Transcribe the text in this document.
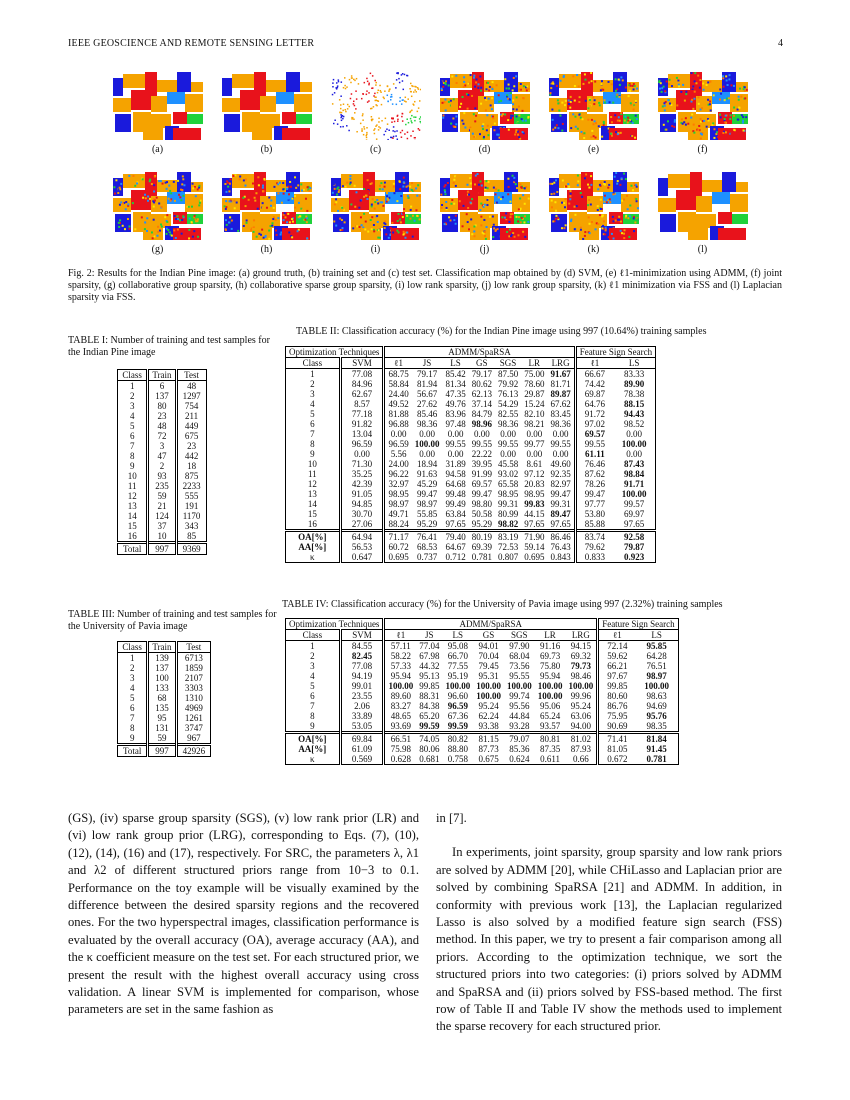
IEEE GEOSCIENCE AND REMOTE SENSING LETTER	4
(a)	(b)	(c)	(d)	(e)	(f)
(g)	(h)	(i)	(j)	(k)	(l)
Fig. 2: Results for the Indian Pine image: (a) ground truth, (b) training set and (c) test set. Classification map obtained by (d) SVM, (e) ℓ1-minimization using ADMM, (f) joint sparsity, (g) collaborative group sparsity, (h) collaborative sparse group sparsity, (i) low rank sparsity, (j) low rank group sparsity, (k) ℓ1 minimization via FSS and (l) Laplacian sparsity via FSS.
TABLE I: Number of training and test samples for the Indian Pine image
Class	Train	Test
1	6	48
2	137	1297
3	80	754
4	23	211
5	48	449
6	72	675
7	3	23
8	47	442
9	2	18
10	93	875
11	235	2233
12	59	555
13	21	191
14	124	1170
15	37	343
16	10	85
Total	997	9369
TABLE II: Classification accuracy (%) for the Indian Pine image using 997 (10.64%) training samples
Optimization Techniques		ADMM/SpaRSA							Feature Sign Search	
Class	SVM	ℓ1	JS	LS	GS	SGS	LR	LRG	ℓ1	LS
1	77.08	68.75	79.17	85.42	79.17	87.50	75.00	91.67	66.67	83.33
2	84.96	58.84	81.94	81.34	80.62	79.92	78.60	81.71	74.42	89.90
3	62.67	24.40	56.67	47.35	62.13	76.13	29.87	89.87	69.87	78.38
4	8.57	49.52	27.62	49.76	37.14	54.29	15.24	67.62	64.76	88.15
5	77.18	81.88	85.46	83.96	84.79	82.55	82.10	83.45	91.72	94.43
6	91.82	96.88	98.36	97.48	98.96	98.36	98.21	98.36	97.02	98.52
7	13.04	0.00	0.00	0.00	0.00	0.00	0.00	0.00	69.57	0.00
8	96.59	96.59	100.00	99.55	99.55	99.55	99.77	99.55	99.55	100.00
9	0.00	5.56	0.00	0.00	22.22	0.00	0.00	0.00	61.11	0.00
10	71.30	24.00	18.94	31.89	39.95	45.58	8.61	49.60	76.46	87.43
11	35.25	96.22	91.63	94.58	91.99	93.02	97.12	92.35	87.62	98.84
12	42.39	32.97	45.29	64.68	69.57	65.58	20.83	82.97	78.26	91.71
13	91.05	98.95	99.47	99.48	99.47	98.95	98.95	99.47	99.47	100.00
14	94.85	98.97	98.97	99.49	98.80	99.31	99.83	99.31	97.77	99.57
15	30.70	49.71	55.85	63.84	50.58	80.99	44.15	89.47	53.80	69.97
16	27.06	88.24	95.29	97.65	95.29	98.82	97.65	97.65	85.88	97.65
OA[%]	64.94	71.17	76.41	79.40	80.19	83.19	71.90	86.46	83.74	92.58
AA[%]	56.53	60.72	68.53	64.67	69.39	72.53	59.14	76.43	79.62	79.87
κ	0.647	0.695	0.737	0.712	0.781	0.807	0.695	0.843	0.833	0.923
TABLE III: Number of training and test samples for the University of Pavia image
Class	Train	Test
1	139	6713
2	137	1859
3	100	2107
4	133	3303
5	68	1310
6	135	4969
7	95	1261
8	131	3747
9	59	967
Total	997	42926
TABLE IV: Classification accuracy (%) for the University of Pavia image using 997 (2.32%) training samples
Optimization Techniques		ADMM/SpaRSA							Feature Sign Search	
Class	SVM	ℓ1	JS	LS	GS	SGS	LR	LRG	ℓ1	LS
1	84.55	57.11	77.04	95.08	94.01	97.90	91.16	94.15	72.14	95.85
2	82.45	58.22	67.98	66.70	70.04	68.04	69.73	69.32	59.62	64.28
3	77.08	57.33	44.32	77.55	79.45	73.56	75.80	79.73	66.21	76.51
4	94.19	95.94	95.13	95.19	95.31	95.55	95.94	98.46	97.67	98.97
5	99.01	100.00	99.85	100.00	100.00	100.00	100.00	100.00	99.85	100.00
6	23.55	89.60	88.31	96.60	100.00	99.74	100.00	99.96	80.60	98.63
7	2.06	83.27	84.38	96.59	95.24	95.56	95.06	95.24	86.76	94.69
8	33.89	48.65	65.20	67.36	62.24	44.84	65.24	63.06	75.95	95.76
9	53.05	93.69	99.59	99.59	93.38	93.28	93.57	94.00	90.69	98.35
OA[%]	69.84	66.51	74.05	80.82	81.15	79.07	80.81	81.02	71.41	81.84
AA[%]	61.09	75.98	80.06	88.80	87.73	85.36	87.35	87.93	81.05	91.45
κ	0.569	0.628	0.681	0.758	0.675	0.624	0.611	0.66	0.672	0.781

(GS), (iv) sparse group sparsity (SGS), (v) low rank prior (LR) and (vi) low rank group prior (LRG), corresponding to Eqs. (7), (10), (12), (14), (16) and (17), respectively. For SRC, the parameters λ, λ1 and λ2 of different structured priors range from 10−3 to 0.1. Performance on the toy example will be visually examined by the difference between the desired sparsity regions and the recovered ones. For the two hyperspectral images, classification performance is evaluated by the overall accuracy (OA), average accuracy (AA), and the κ coefficient measure on the test set. For each structured prior, we present the result with the highest overall accuracy using cross validation. A linear SVM is implemented for comparison, whose parameters are set in the same fashion as

in [7].

In experiments, joint sparsity, group sparsity and low rank priors are solved by ADMM [20], while CHiLasso and Laplacian prior are solved by combining SpaRSA [21] and ADMM. In addition, in conformity with previous work [13], the Laplacian regularized Lasso is also solved by a modified feature sign search (FSS) method. In this paper, we try to present a fair comparison among all priors. According to the optimization technique, we sort the structured priors into two categories: (i) priors solved by ADMM and SpaRSA and (ii) priors solved by FSS-based method. The first row of Table II and Table IV show the methods used to implement the sparse recovery for each structured prior.
